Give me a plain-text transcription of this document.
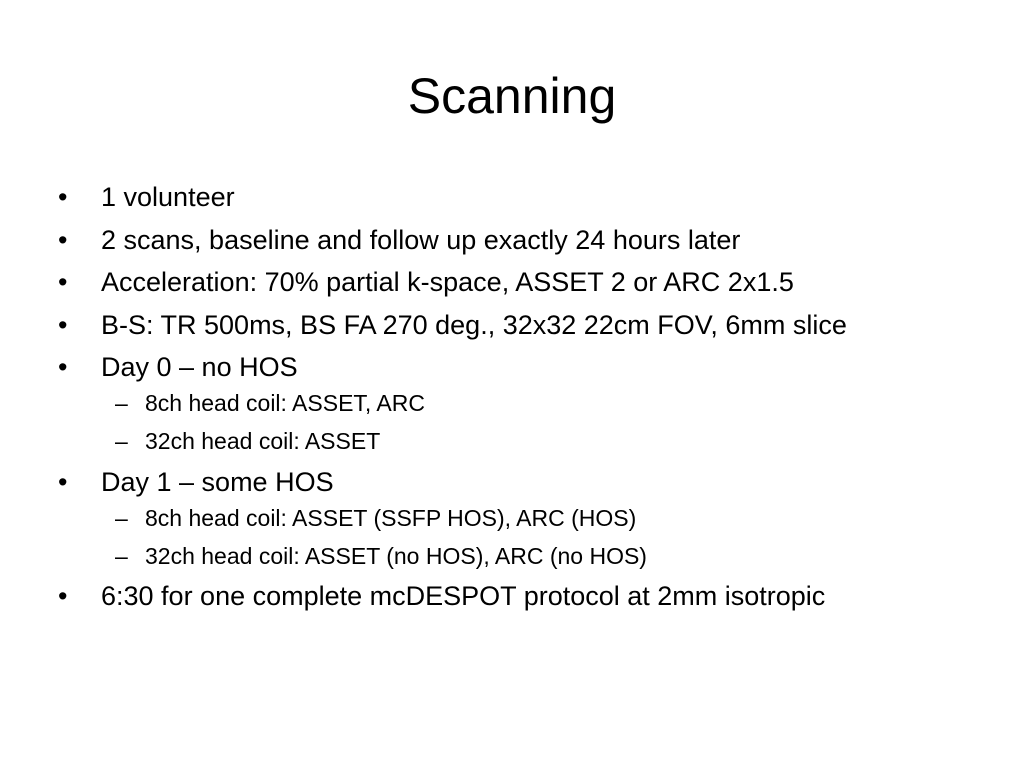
Scanning
•	1 volunteer
•	2 scans, baseline and follow up exactly 24 hours later
•	Acceleration: 70% partial k-space, ASSET 2 or ARC 2x1.5
•	B-S: TR 500ms, BS FA 270 deg., 32x32 22cm FOV, 6mm slice
•	Day 0 – no HOS
– 8ch head coil: ASSET, ARC
– 32ch head coil: ASSET
•	Day 1 – some HOS
– 8ch head coil: ASSET (SSFP HOS), ARC (HOS)
– 32ch head coil: ASSET (no HOS), ARC (no HOS)
•	6:30 for one complete mcDESPOT protocol at 2mm isotropic
